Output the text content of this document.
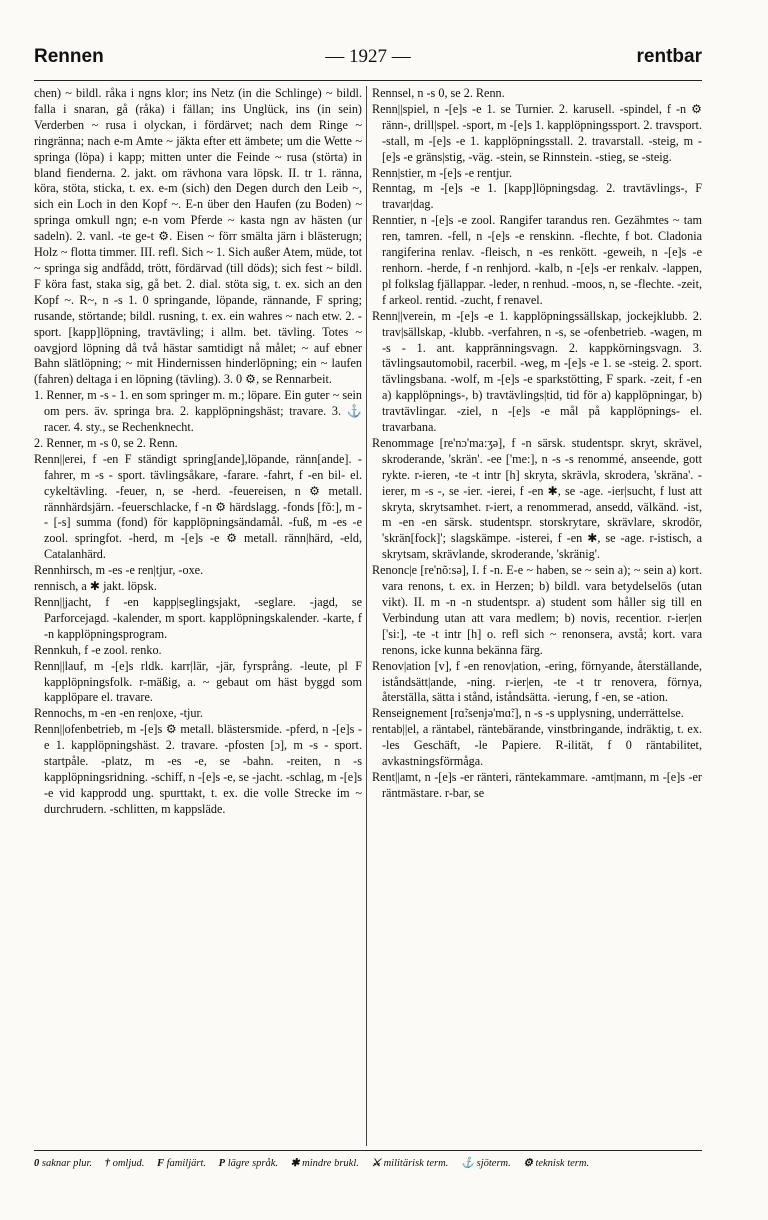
Rennen	— 1927 —	rentbar

chen) ~ bildl. råka i ngns klor; ins Netz (in die Schlinge) ~ bildl. falla i snaran, gå (råka) i fällan; ins Unglück, ins (in sein) Verderben ~ rusa i olyckan, i fördärvet; nach dem Ringe ~ ringränna; nach e-m Amte ~ jäkta efter ett ämbete; um die Wette ~ springa (löpa) i kapp; mitten unter die Feinde ~ rusa (störta) in bland fienderna. 2. jakt. om rävhona vara löpsk. II. tr 1. ränna, köra, stöta, sticka, t. ex. e-m (sich) den Degen durch den Leib ~, sich ein Loch in den Kopf ~. E-n über den Haufen (zu Boden) ~ springa omkull ngn; e-n vom Pferde ~ kasta ngn av hästen (ur sadeln). 2. vanl. -te ge-t ⚙. Eisen ~ förr smälta järn i blästerugn; Holz ~ flotta timmer. III. refl. Sich ~ 1. Sich außer Atem, müde, tot ~ springa sig andfådd, trött, fördärvad (till döds); sich fest ~ bildl. F köra fast, staka sig, gå bet. 2. dial. stöta sig, t. ex. sich an den Kopf ~. R~, n -s 1. 0 springande, löpande, rännande, F spring; rusande, störtande; bildl. rusning, t. ex. ein wahres ~ nach etw. 2. - sport. [kapp]löpning, travtävling; i allm. bet. tävling. Totes ~ oavgjord löpning då två hästar samtidigt nå målet; ~ auf ebner Bahn slätlöpning; ~ mit Hindernissen hinderlöpning; ein ~ laufen (fahren) deltaga i en löpning (tävling). 3. 0 ⚙, se Rennarbeit.

1. Renner, m -s - 1. en som springer m. m.; löpare. Ein guter ~ sein om pers. äv. springa bra. 2. kapplöpningshäst; travare. 3. ⚓ racer. 4. sty., se Rechenknecht.

2. Renner, m -s 0, se 2. Renn.

Renn||erei, f -en F ständigt spring[ande],löpande, ränn[ande]. -fahrer, m -s - sport. tävlingsåkare, -farare. -fahrt, f -en bil- el. cykeltävling. -feuer, n, se -herd. -feuereisen, n ⚙ metall. rännhärdsjärn. -feuerschlacke, f -n ⚙ härdslagg. -fonds [fõ:], m - - [-s] summa (fond) för kapplöpningsändamål. -fuß, m -es -e zool. springfot. -herd, m -[e]s -e ⚙ metall. ränn|härd, -eld, Catalanhärd.

Rennhirsch, m -es -e ren|tjur, -oxe.

rennisch, a ✱ jakt. löpsk.

Renn||jacht, f -en kapp|seglingsjakt, -seglare. -jagd, se Parforcejagd. -kalender, m sport. kapplöpningskalender. -karte, f -n kapplöpningsprogram.

Rennkuh, f -e zool. renko.

Renn||lauf, m -[e]s rldk. karr|lär, -jär, fyrsprång. -leute, pl F kapplöpningsfolk. r-mäßig, a. ~ gebaut om häst byggd som kapplöpare el. travare.

Rennochs, m -en -en ren|oxe, -tjur.

Renn||ofenbetrieb, m -[e]s ⚙ metall. blästersmide. -pferd, n -[e]s -e 1. kapplöpningshäst. 2. travare. -pfosten [ɔ], m -s - sport. startpåle. -platz, m -es -e, se -bahn. -reiten, n -s kapplöpningsridning. -schiff, n -[e]s -e, se -jacht. -schlag, m -[e]s -e vid kapprodd ung. spurttakt, t. ex. die volle Strecke im ~ durchrudern. -schlitten, m kappsläde.

Rennsel, n -s 0, se 2. Renn.

Renn||spiel, n -[e]s -e 1. se Turnier. 2. karusell. -spindel, f -n ⚙ ränn-, drill|spel. -sport, m -[e]s 1. kapplöpningssport. 2. travsport. -stall, m -[e]s -e 1. kapplöpningsstall. 2. travarstall. -steig, m -[e]s -e gräns|stig, -väg. -stein, se Rinnstein. -stieg, se -steig.

Renn|stier, m -[e]s -e rentjur.

Renntag, m -[e]s -e 1. [kapp]löpningsdag. 2. travtävlings-, F travar|dag.

Renntier, n -[e]s -e zool. Rangifer tarandus ren. Gezähmtes ~ tam ren, tamren. -fell, n -[e]s -e renskinn. -flechte, f bot. Cladonia rangiferina renlav. -fleisch, n -es renkött. -geweih, n -[e]s -e renhorn. -herde, f -n renhjord. -kalb, n -[e]s -er renkalv. -lappen, pl folkslag fjällappar. -leder, n renhud. -moos, n, se -flechte. -zeit, f arkeol. rentid. -zucht, f renavel.

Renn||verein, m -[e]s -e 1. kapplöpningssällskap, jockejklubb. 2. trav|sällskap, -klubb. -verfahren, n -s, se -ofenbetrieb. -wagen, m -s - 1. ant. kappränningsvagn. 2. kappkörningsvagn. 3. tävlingsautomobil, racerbil. -weg, m -[e]s -e 1. se -steig. 2. sport. tävlingsbana. -wolf, m -[e]s -e sparkstötting, F spark. -zeit, f -en a) kapplöpnings-, b) travtävlings|tid, tid för a) kapplöpningar, b) travtävlingar. -ziel, n -[e]s -e mål på kapplöpnings- el. travarbana.

Renommage [re'nɔ'ma:ʒə], f -n särsk. studentspr. skryt, skrävel, skroderande, 'skrän'. -ee ['me:], n -s -s renommé, anseende, gott rykte. r-ieren, -te -t intr [h] skryta, skrävla, skrodera, 'skräna'. -ierer, m -s -, se -ier. -ierei, f -en ✱, se -age. -ier|sucht, f lust att skryta, skrytsamhet. r-iert, a renommerad, ansedd, välkänd. -ist, m -en -en särsk. studentspr. storskrytare, skrävlare, skrodör, 'skrän[fock]'; slagskämpe. -isterei, f -en ✱, se -age. r-istisch, a skrytsam, skrävlande, skroderande, 'skränig'.

Renonc|e [re'nõ:sə], I. f -n. E-e ~ haben, se ~ sein a); ~ sein a) kort. vara renons, t. ex. in Herzen; b) bildl. vara betydelselös (utan vikt). II. m -n -n studentspr. a) student som håller sig till en Verbindung utan att vara medlem; b) novis, recentior. r-ier|en ['si:], -te -t intr [h] o. refl sich ~ renonsera, avstå; kort. vara renons, icke kunna bekänna färg.

Renov|ation [v], f -en renov|ation, -ering, förnyande, återställande, iståndsätt|ande, -ning. r-ier|en, -te -t tr renovera, förnya, återställa, sätta i stånd, iståndsätta. -ierung, f -en, se -ation.

Renseignement [rɑ̃:senjə'mɑ̃:], n -s -s upplysning, underrättelse.

rentab||el, a räntabel, räntebärande, vinstbringande, indräktig, t. ex. -les Geschäft, -le Papiere. R-ilität, f 0 räntabilitet, avkastningsförmåga.

Rent||amt, n -[e]s -er ränteri, räntekammare. -amt|mann, m -[e]s -er räntmästare. r-bar, se

0 saknar plur. † omljud. F familjärt. P lägre språk. ✱ mindre brukl. ⚔ militärisk term. ⚓ sjöterm. ⚙ teknisk term.
